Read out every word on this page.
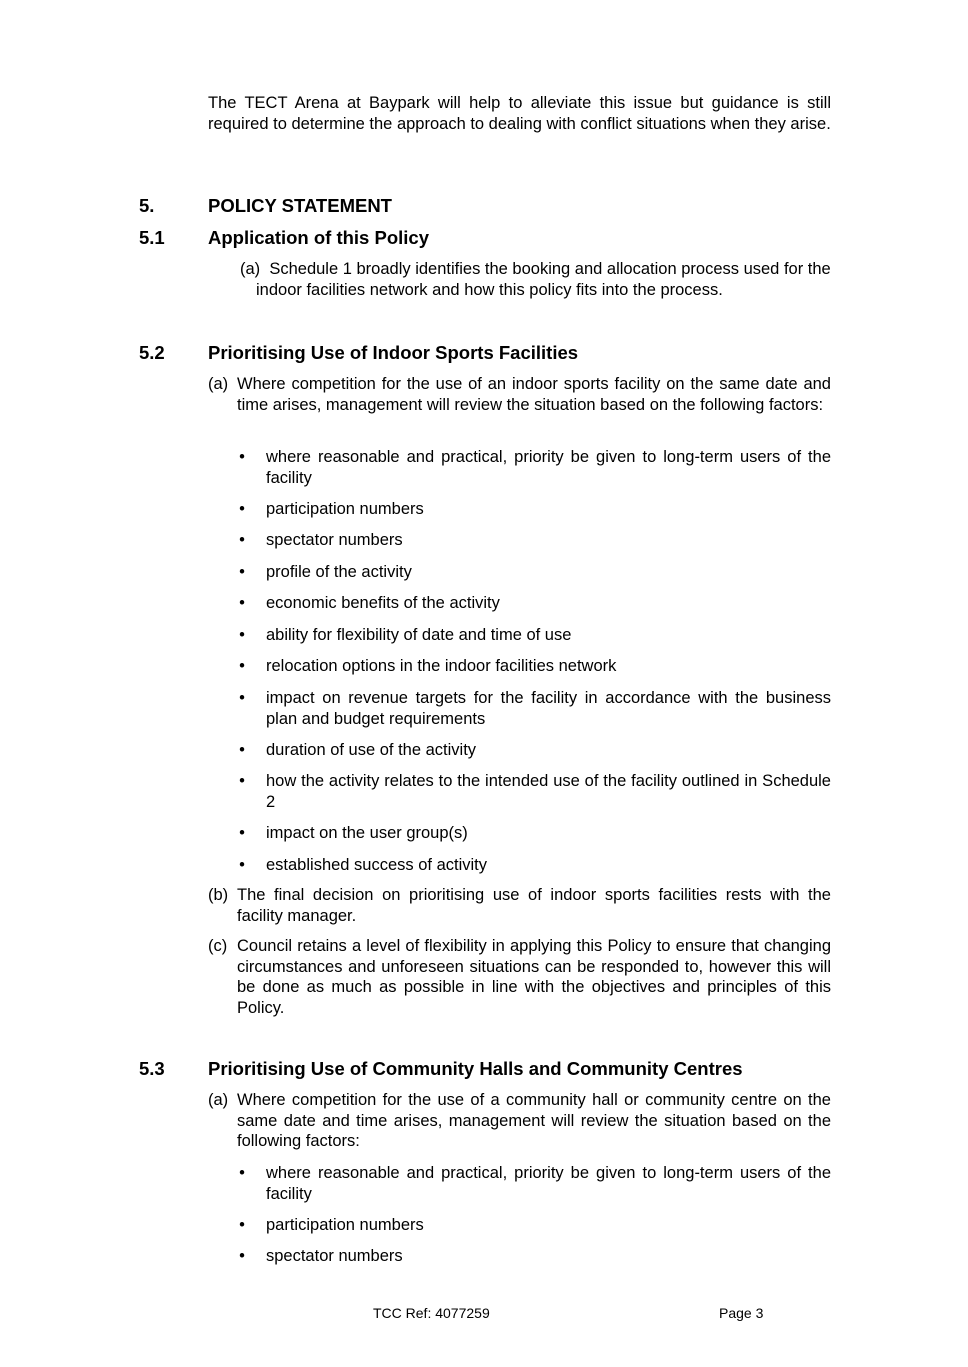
The TECT Arena at Baypark will help to alleviate this issue but guidance is still required to determine the approach to dealing with conflict situations when they arise.

5.	POLICY STATEMENT
5.1 Application of this Policy
(a) Schedule 1 broadly identifies the booking and allocation process used for the indoor facilities network and how this policy fits into the process.
5.2 Prioritising Use of Indoor Sports Facilities
(a) Where competition for the use of an indoor sports facility on the same date and time arises, management will review the situation based on the following factors:
• where reasonable and practical, priority be given to long-term users of the facility
• participation numbers
• spectator numbers
• profile of the activity
• economic benefits of the activity
• ability for flexibility of date and time of use
• relocation options in the indoor facilities network
• impact on revenue targets for the facility in accordance with the business plan and budget requirements
• duration of use of the activity
• how the activity relates to the intended use of the facility outlined in Schedule 2
• impact on the user group(s)
• established success of activity
(b) The final decision on prioritising use of indoor sports facilities rests with the facility manager.
(c) Council retains a level of flexibility in applying this Policy to ensure that changing circumstances and unforeseen situations can be responded to, however this will be done as much as possible in line with the objectives and principles of this Policy.
5.3 Prioritising Use of Community Halls and Community Centres
(a) Where competition for the use of a community hall or community centre on the same date and time arises, management will review the situation based on the following factors:
• where reasonable and practical, priority be given to long-term users of the facility
• participation numbers
• spectator numbers
TCC Ref: 4077259	Page 3
